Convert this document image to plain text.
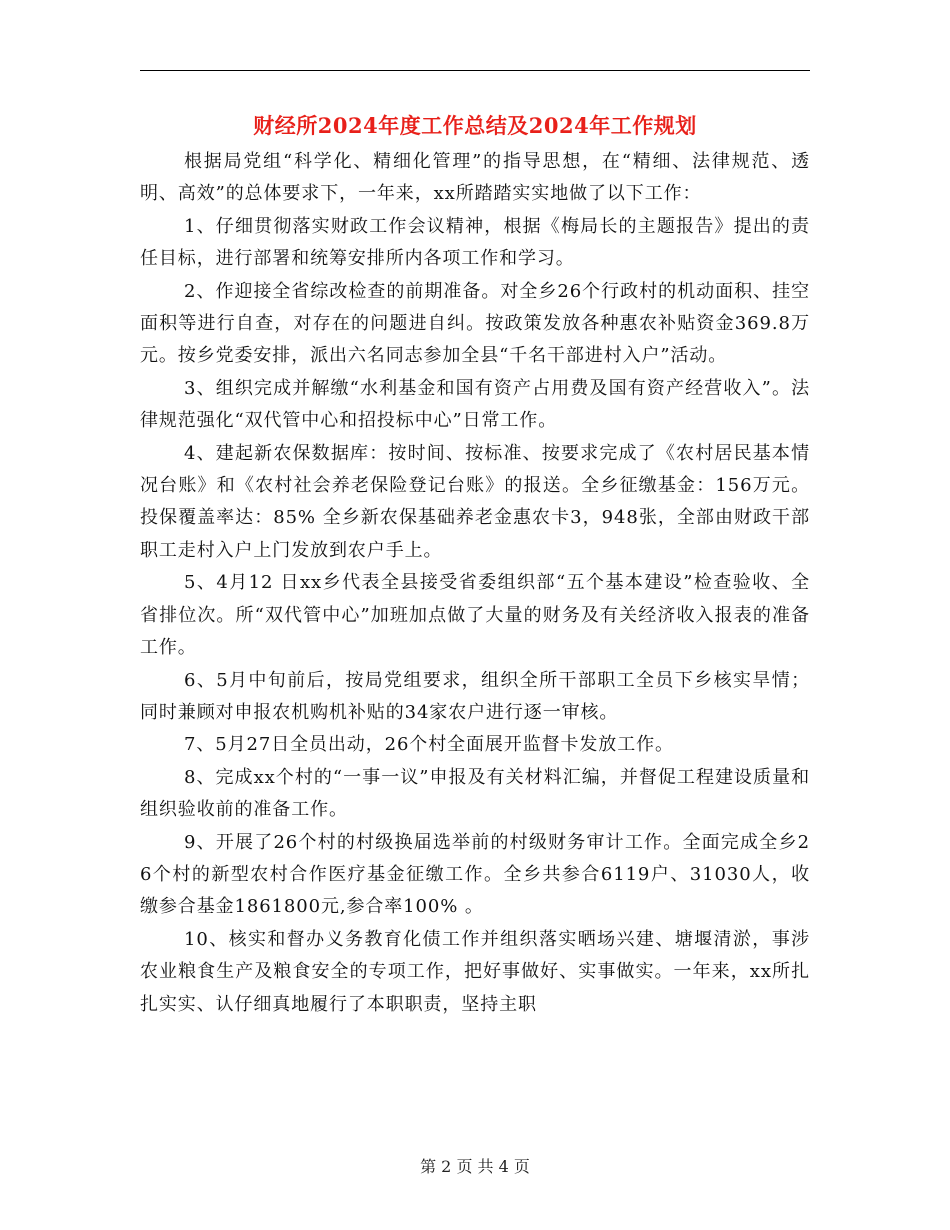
财经所2024年度工作总结及2024年工作规划

根据局党组“科学化、精细化管理”的指导思想，在“精细、法律规范、透明、高效”的总体要求下，一年来，xx所踏踏实实地做了以下工作：

1、仔细贯彻落实财政工作会议精神，根据《梅局长的主题报告》提出的责任目标，进行部署和统筹安排所内各项工作和学习。

2、作迎接全省综改检查的前期准备。对全乡26个行政村的机动面积、挂空面积等进行自查，对存在的问题进自纠。按政策发放各种惠农补贴资金369.8万元。按乡党委安排，派出六名同志参加全县“千名干部进村入户”活动。

3、组织完成并解缴“水利基金和国有资产占用费及国有资产经营收入”。法律规范强化“双代管中心和招投标中心”日常工作。

4、建起新农保数据库：按时间、按标准、按要求完成了《农村居民基本情况台账》和《农村社会养老保险登记台账》的报送。全乡征缴基金：156万元。投保覆盖率达：85% 全乡新农保基础养老金惠农卡3，948张，全部由财政干部职工走村入户上门发放到农户手上。

5、4月12 日xx乡代表全县接受省委组织部“五个基本建设”检查验收、全省排位次。所“双代管中心”加班加点做了大量的财务及有关经济收入报表的准备工作。

6、5月中旬前后，按局党组要求，组织全所干部职工全员下乡核实旱情；同时兼顾对申报农机购机补贴的34家农户进行逐一审核。

7、5月27日全员出动，26个村全面展开监督卡发放工作。

8、完成xx个村的“一事一议”申报及有关材料汇编，并督促工程建设质量和组织验收前的准备工作。

9、开展了26个村的村级换届选举前的村级财务审计工作。全面完成全乡26个村的新型农村合作医疗基金征缴工作。全乡共参合6119户、31030人，收缴参合基金1861800元,参合率100% 。

10、核实和督办义务教育化债工作并组织落实晒场兴建、塘堰清淤，事涉农业粮食生产及粮食安全的专项工作，把好事做好、实事做实。一年来，xx所扎扎实实、认仔细真地履行了本职职责，坚持主职

第 2 页 共 4 页
